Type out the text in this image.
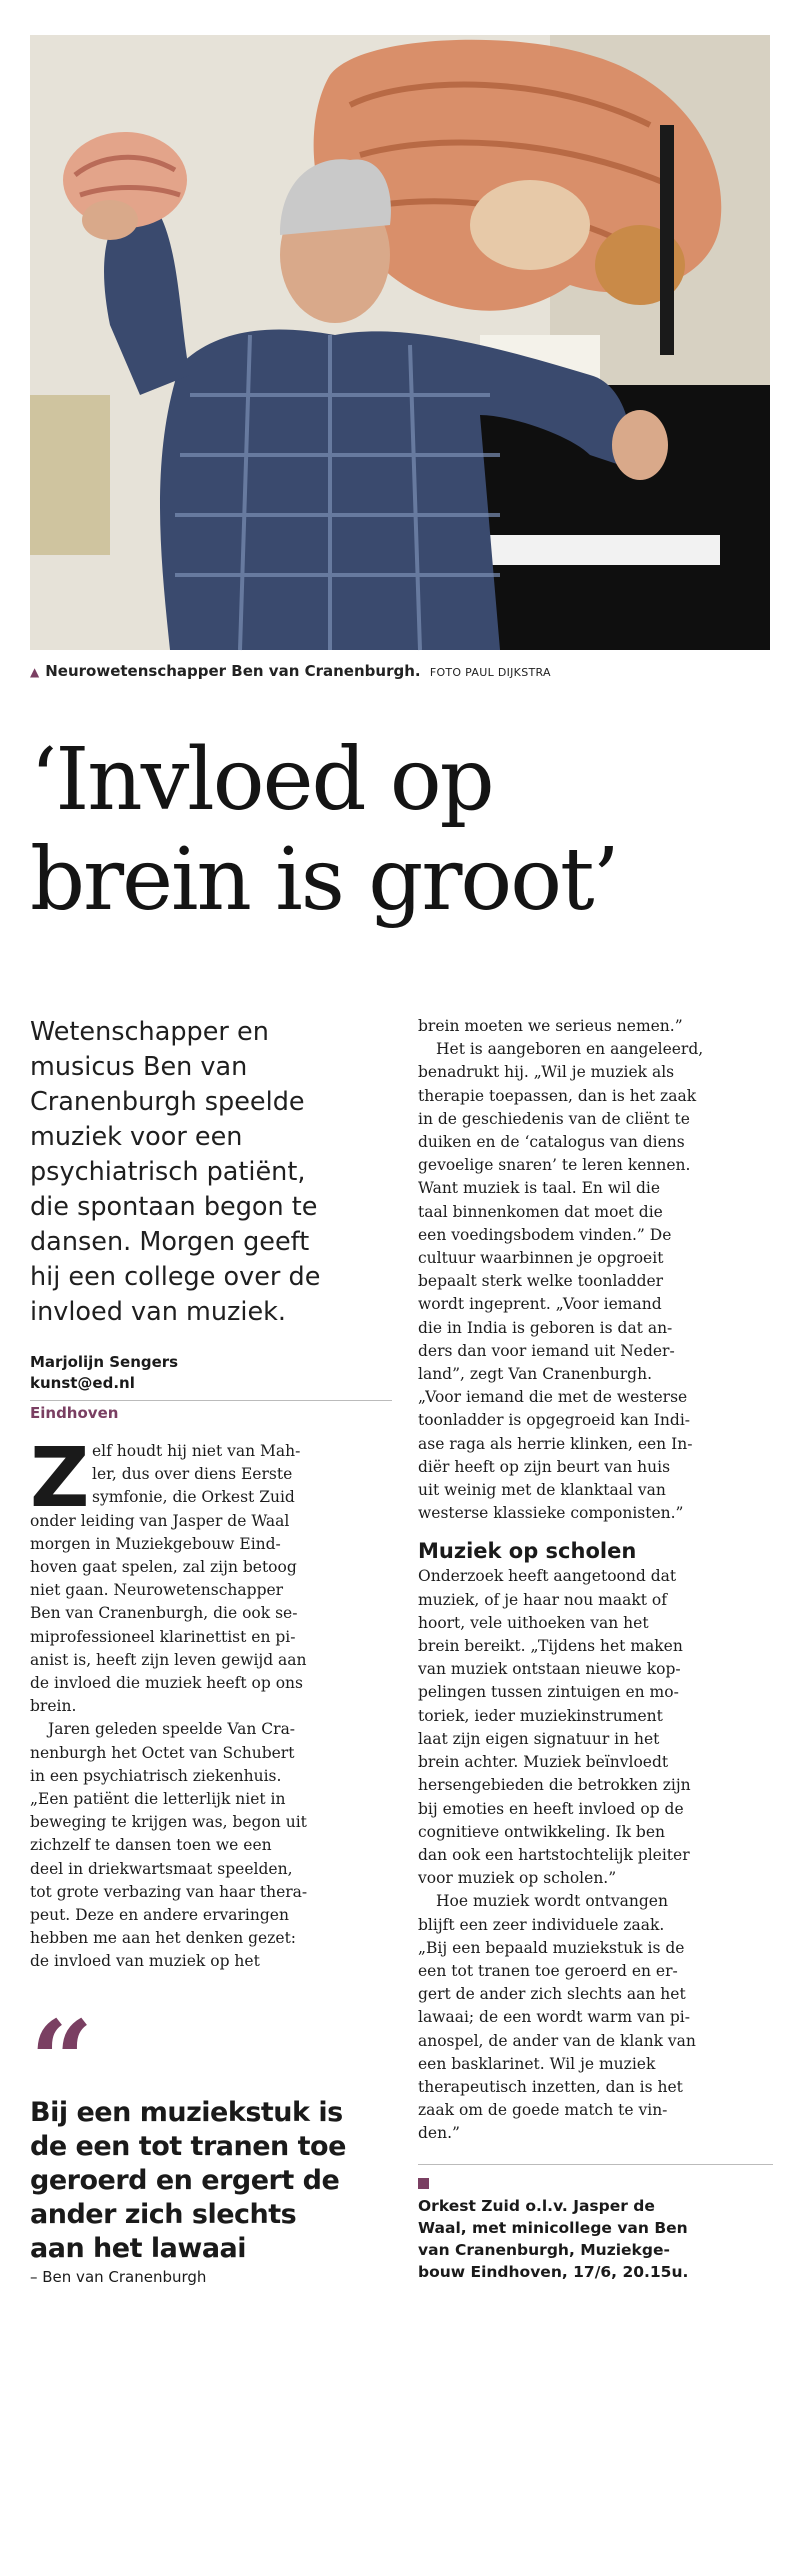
▲ Neurowetenschapper Ben van Cranenburgh. FOTO PAUL DIJKSTRA
‘Invloed op
brein is groot’

Wetenschapper en
musicus Ben van
Cranenburgh speelde
muziek voor een
psychiatrisch patiënt,
die spontaan begon te
dansen. Morgen geeft
hij een college over de
invloed van muziek.

Marjolijn Sengers
kunst@ed.nl
Eindhoven
Z elf houdt hij niet van Mah-
ler, dus over diens Eerste
symfonie, die Orkest Zuid
onder leiding van Jasper de Waal
morgen in Muziekgebouw Eind-
hoven gaat spelen, zal zijn betoog
niet gaan. Neurowetenschapper
Ben van Cranenburgh, die ook se-
miprofessioneel klarinettist en pi-
anist is, heeft zijn leven gewijd aan
de invloed die muziek heeft op ons
brein.
Jaren geleden speelde Van Cra-
nenburgh het Octet van Schubert
in een psychiatrisch ziekenhuis.
„Een patiënt die letterlijk niet in
beweging te krijgen was, begon uit
zichzelf te dansen toen we een
deel in driekwartsmaat speelden,
tot grote verbazing van haar thera-
peut. Deze en andere ervaringen
hebben me aan het denken gezet:
de invloed van muziek op het
“
Bij een muziekstuk is
de een tot tranen toe
geroerd en ergert de
ander zich slechts
aan het lawaai
– Ben van Cranenburgh
brein moeten we serieus nemen.”
Het is aangeboren en aangeleerd,
benadrukt hij. „Wil je muziek als
therapie toepassen, dan is het zaak
in de geschiedenis van de cliënt te
duiken en de ‘catalogus van diens
gevoelige snaren’ te leren kennen.
Want muziek is taal. En wil die
taal binnenkomen dat moet die
een voedingsbodem vinden.” De
cultuur waarbinnen je opgroeit
bepaalt sterk welke toonladder
wordt ingeprent. „Voor iemand
die in India is geboren is dat an-
ders dan voor iemand uit Neder-
land”, zegt Van Cranenburgh.
„Voor iemand die met de westerse
toonladder is opgegroeid kan Indi-
ase raga als herrie klinken, een In-
diër heeft op zijn beurt van huis
uit weinig met de klanktaal van
westerse klassieke componisten.”
Muziek op scholen
Onderzoek heeft aangetoond dat
muziek, of je haar nou maakt of
hoort, vele uithoeken van het
brein bereikt. „Tijdens het maken
van muziek ontstaan nieuwe kop-
pelingen tussen zintuigen en mo-
toriek, ieder muziekinstrument
laat zijn eigen signatuur in het
brein achter. Muziek beïnvloedt
hersengebieden die betrokken zijn
bij emoties en heeft invloed op de
cognitieve ontwikkeling. Ik ben
dan ook een hartstochtelijk pleiter
voor muziek op scholen.”
Hoe muziek wordt ontvangen
blijft een zeer individuele zaak.
„Bij een bepaald muziekstuk is de
een tot tranen toe geroerd en er-
gert de ander zich slechts aan het
lawaai; de een wordt warm van pi-
anospel, de ander van de klank van
een basklarinet. Wil je muziek
therapeutisch inzetten, dan is het
zaak om de goede match te vin-
den.”
Orkest Zuid o.l.v. Jasper de
Waal, met minicollege van Ben
van Cranenburgh, Muziekge-
bouw Eindhoven, 17/6, 20.15u.
